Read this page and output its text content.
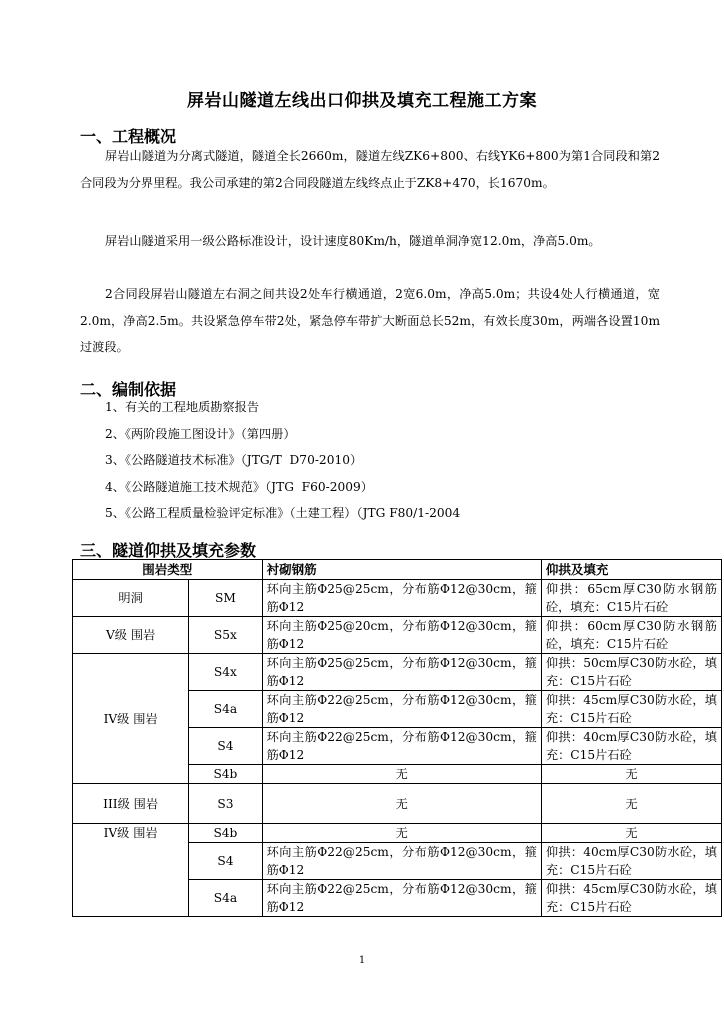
屏岩山隧道左线出口仰拱及填充工程施工方案
一、工程概况
屏岩山隧道为分离式隧道，隧道全长2660m，隧道左线ZK6+800、右线YK6+800为第1合同段和第2合同段为分界里程。我公司承建的第2合同段隧道左线终点止于ZK8+470，长1670m。
屏岩山隧道采用一级公路标准设计，设计速度80Km/h，隧道单洞净宽12.0m，净高5.0m。
2合同段屏岩山隧道左右洞之间共设2处车行横通道，2宽6.0m，净高5.0m；共设4处人行横通道，宽2.0m，净高2.5m。共设紧急停车带2处，紧急停车带扩大断面总长52m，有效长度30m，两端各设置10m过渡段。
二、编制依据
1、有关的工程地质勘察报告
2、《两阶段施工图设计》（第四册）
3、《公路隧道技术标准》（JTG/T  D70-2010）
4、《公路隧道施工技术规范》（JTG  F60-2009）
5、《公路工程质量检验评定标准》（土建工程）（JTG F80/1-2004
三、隧道仰拱及填充参数
围岩类型		衬砌钢筋	仰拱及填充
明洞	SM	环向主筋Φ25@25cm，分布筋Φ12@30cm，箍筋Φ12	仰拱：65cm厚C30防水钢筋砼，填充：C15片石砼
V级 围岩	S5x	环向主筋Φ25@20cm，分布筋Φ12@30cm，箍筋Φ12	仰拱：60cm厚C30防水钢筋砼，填充：C15片石砼
IV级 围岩	S4x	环向主筋Φ25@25cm，分布筋Φ12@30cm，箍筋Φ12	仰拱：50cm厚C30防水砼，填充：C15片石砼
	S4a	环向主筋Φ22@25cm，分布筋Φ12@30cm，箍筋Φ12	仰拱：45cm厚C30防水砼，填充：C15片石砼
	S4	环向主筋Φ22@25cm，分布筋Φ12@30cm，箍筋Φ12	仰拱：40cm厚C30防水砼，填充：C15片石砼
	S4b	无	无
III级 围岩	S3	无	无
IV级 围岩	S4b	无	无
	S4	环向主筋Φ22@25cm，分布筋Φ12@30cm，箍筋Φ12	仰拱：40cm厚C30防水砼，填充：C15片石砼
	S4a	环向主筋Φ22@25cm，分布筋Φ12@30cm，箍筋Φ12	仰拱：45cm厚C30防水砼，填充：C15片石砼
1
